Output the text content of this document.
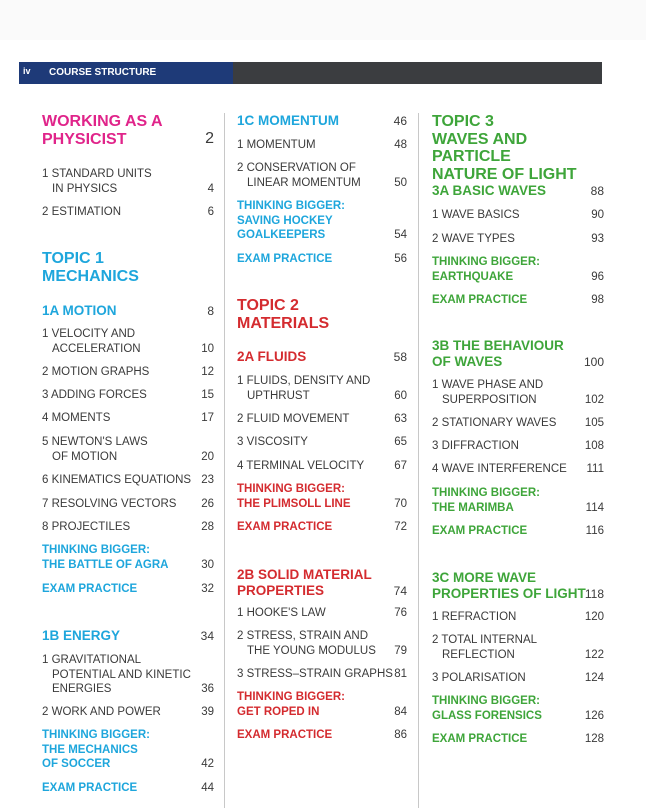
iv COURSE STRUCTURE
WORKING AS A
PHYSICIST	2
1 STANDARD UNITS
IN PHYSICS	4
2 ESTIMATION	6
TOPIC 1
MECHANICS
1A MOTION	8
1 VELOCITY AND
ACCELERATION	10
2 MOTION GRAPHS	12
3 ADDING FORCES	15
4 MOMENTS	17
5 NEWTON'S LAWS
OF MOTION	20
6 KINEMATICS EQUATIONS 23
7 RESOLVING VECTORS	26
8 PROJECTILES	28
THINKING BIGGER:
THE BATTLE OF AGRA	30
EXAM PRACTICE	32
1B ENERGY	34
1 GRAVITATIONAL
POTENTIAL AND KINETIC
ENERGIES	36
2 WORK AND POWER	39
THINKING BIGGER:
THE MECHANICS
OF SOCCER	42
EXAM PRACTICE	44
1C MOMENTUM	46
1 MOMENTUM	48
2 CONSERVATION OF
LINEAR MOMENTUM	50
THINKING BIGGER:
SAVING HOCKEY
GOALKEEPERS	54
EXAM PRACTICE	56
TOPIC 2
MATERIALS
2A FLUIDS	58
1 FLUIDS, DENSITY AND
UPTHRUST	60
2 FLUID MOVEMENT	63
3 VISCOSITY	65
4 TERMINAL VELOCITY	67
THINKING BIGGER:
THE PLIMSOLL LINE	70
EXAM PRACTICE	72
2B SOLID MATERIAL
PROPERTIES	74
1 HOOKE'S LAW	76
2 STRESS, STRAIN AND
THE YOUNG MODULUS	79
3 STRESS–STRAIN GRAPHS 81
THINKING BIGGER:
GET ROPED IN	84
EXAM PRACTICE	86
TOPIC 3
WAVES AND PARTICLE
NATURE OF LIGHT
3A BASIC WAVES	88
1 WAVE BASICS	90
2 WAVE TYPES	93
THINKING BIGGER:
EARTHQUAKE	96
EXAM PRACTICE	98
3B THE BEHAVIOUR
OF WAVES	100
1 WAVE PHASE AND
SUPERPOSITION	102
2 STATIONARY WAVES	105
3 DIFFRACTION	108
4 WAVE INTERFERENCE	111
THINKING BIGGER:
THE MARIMBA	114
EXAM PRACTICE	116
3C MORE WAVE
PROPERTIES OF LIGHT 118
1 REFRACTION	120
2 TOTAL INTERNAL
REFLECTION	122
3 POLARISATION	124
THINKING BIGGER:
GLASS FORENSICS	126
EXAM PRACTICE	128
